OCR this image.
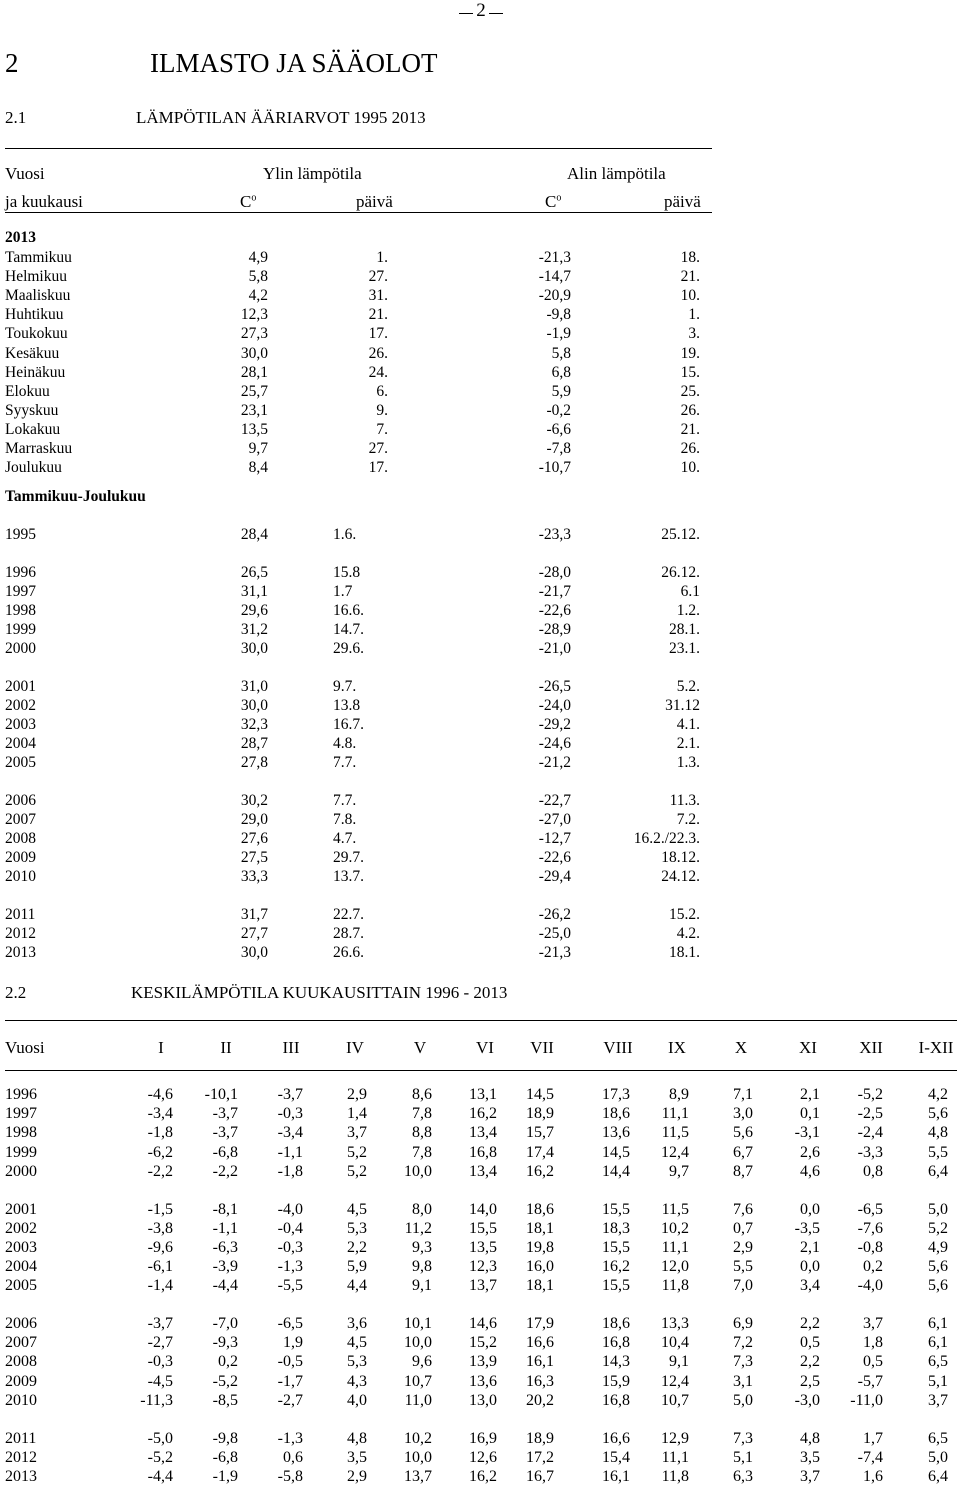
2
2	ILMASTO JA SÄÄOLOT
2.1	LÄMPÖTILAN ÄÄRIARVOT 1995 2013
Vuosi	Ylin lämpötila	Alin lämpötila
ja kuukausi	$C^o$	päivä	$C^o$	päivä
2013
Tammikuu	4,9	1.	-21,3	18.
Helmikuu	5,8	27.	-14,7	21.
Maaliskuu	4,2	31.	-20,9	10.
Huhtikuu	12,3	21.	-9,8	1.
Toukokuu	27,3	17.	-1,9	3.
Kesäkuu	30,0	26.	5,8	19.
Heinäkuu	28,1	24.	6,8	15.
Elokuu	25,7	6.	5,9	25.
Syyskuu	23,1	9.	-0,2	26.
Lokakuu	13,5	7.	-6,6	21.
Marraskuu	9,7	27.	-7,8	26.
Joulukuu	8,4	17.	-10,7	10.
Tammikuu-Joulukuu
1995	28,4	1.6.	-23,3	25.12.
1996	26,5	15.8	-28,0	26.12.
1997	31,1	1.7	-21,7	6.1
1998	29,6	16.6.	-22,6	1.2.
1999	31,2	14.7.	-28,9	28.1.
2000	30,0	29.6.	-21,0	23.1.
2001	31,0	9.7.	-26,5	5.2.
2002	30,0	13.8	-24,0	31.12
2003	32,3	16.7.	-29,2	4.1.
2004	28,7	4.8.	-24,6	2.1.
2005	27,8	7.7.	-21,2	1.3.
2006	30,2	7.7.	-22,7	11.3.
2007	29,0	7.8.	-27,0	7.2.
2008	27,6	4.7.	-12,7	16.2./22.3.
2009	27,5	29.7.	-22,6	18.12.
2010	33,3	13.7.	-29,4	24.12.
2011	31,7	22.7.	-26,2	15.2.
2012	27,7	28.7.	-25,0	4.2.
2013	30,0	26.6.	-21,3	18.1.
2.2	KESKILÄMPÖTILA KUUKAUSITTAIN 1996 - 2013
Vuosi	I	II	III	IV	V	VI	VII	VIII	IX	X	XI	XII	I-XII
1996	-4,6	-10,1	-3,7	2,9	8,6	13,1	14,5	17,3	8,9	7,1	2,1	-5,2	4,2
1997	-3,4	-3,7	-0,3	1,4	7,8	16,2	18,9	18,6	11,1	3,0	0,1	-2,5	5,6
1998	-1,8	-3,7	-3,4	3,7	8,8	13,4	15,7	13,6	11,5	5,6	-3,1	-2,4	4,8
1999	-6,2	-6,8	-1,1	5,2	7,8	16,8	17,4	14,5	12,4	6,7	2,6	-3,3	5,5
2000	-2,2	-2,2	-1,8	5,2	10,0	13,4	16,2	14,4	9,7	8,7	4,6	0,8	6,4
2001	-1,5	-8,1	-4,0	4,5	8,0	14,0	18,6	15,5	11,5	7,6	0,0	-6,5	5,0
2002	-3,8	-1,1	-0,4	5,3	11,2	15,5	18,1	18,3	10,2	0,7	-3,5	-7,6	5,2
2003	-9,6	-6,3	-0,3	2,2	9,3	13,5	19,8	15,5	11,1	2,9	2,1	-0,8	4,9
2004	-6,1	-3,9	-1,3	5,9	9,8	12,3	16,0	16,2	12,0	5,5	0,0	0,2	5,6
2005	-1,4	-4,4	-5,5	4,4	9,1	13,7	18,1	15,5	11,8	7,0	3,4	-4,0	5,6
2006	-3,7	-7,0	-6,5	3,6	10,1	14,6	17,9	18,6	13,3	6,9	2,2	3,7	6,1
2007	-2,7	-9,3	1,9	4,5	10,0	15,2	16,6	16,8	10,4	7,2	0,5	1,8	6,1
2008	-0,3	0,2	-0,5	5,3	9,6	13,9	16,1	14,3	9,1	7,3	2,2	0,5	6,5
2009	-4,5	-5,2	-1,7	4,3	10,7	13,6	16,3	15,9	12,4	3,1	2,5	-5,7	5,1
2010	-11,3	-8,5	-2,7	4,0	11,0	13,0	20,2	16,8	10,7	5,0	-3,0	-11,0	3,7
2011	-5,0	-9,8	-1,3	4,8	10,2	16,9	18,9	16,6	12,9	7,3	4,8	1,7	6,5
2012	-5,2	-6,8	0,6	3,5	10,0	12,6	17,2	15,4	11,1	5,1	3,5	-7,4	5,0
2013	-4,4	-1,9	-5,8	2,9	13,7	16,2	16,7	16,1	11,8	6,3	3,7	1,6	6,4
